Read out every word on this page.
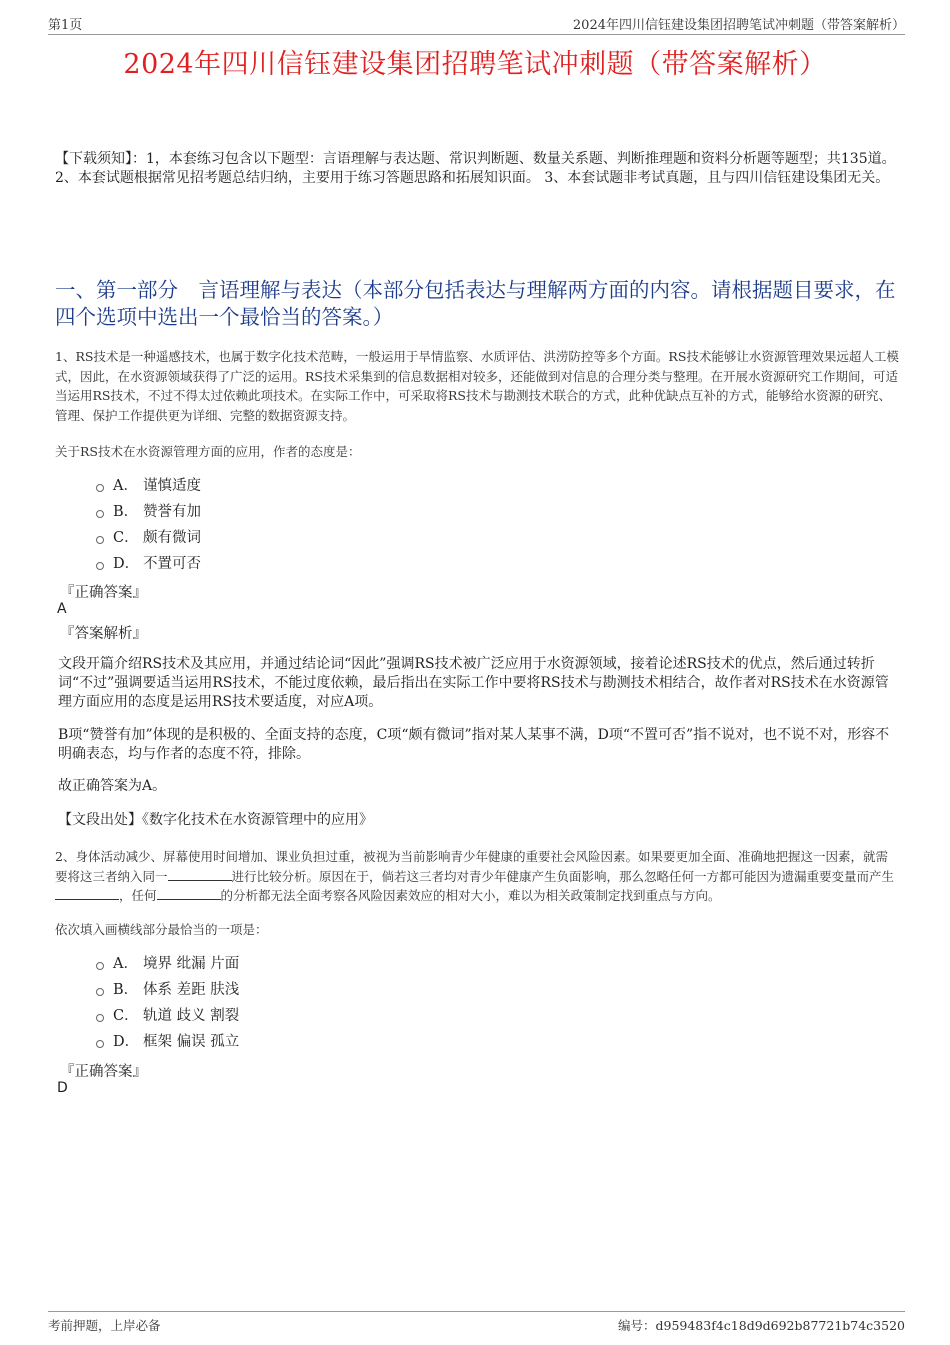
第1页	2024年四川信钰建设集团招聘笔试冲刺题（带答案解析）
2024年四川信钰建设集团招聘笔试冲刺题（带答案解析）
【下载须知】：1，本套练习包含以下题型：言语理解与表达题、常识判断题、数量关系题、判断推理题和资料分析题等题型；共135道。 2、本套试题根据常见招考题总结归纳，主要用于练习答题思路和拓展知识面。 3、本套试题非考试真题，且与四川信钰建设集团无关。
一、第一部分　言语理解与表达（本部分包括表达与理解两方面的内容。请根据题目要求，在四个选项中选出一个最恰当的答案。）
1、RS技术是一种遥感技术，也属于数字化技术范畴，一般运用于旱情监察、水质评估、洪涝防控等多个方面。RS技术能够让水资源管理效果远超人工模式，因此，在水资源领域获得了广泛的运用。RS技术采集到的信息数据相对较多，还能做到对信息的合理分类与整理。在开展水资源研究工作期间，可适当运用RS技术，不过不得太过依赖此项技术。在实际工作中，可采取将RS技术与勘测技术联合的方式，此种优缺点互补的方式，能够给水资源的研究、管理、保护工作提供更为详细、完整的数据资源支持。
关于RS技术在水资源管理方面的应用，作者的态度是：
A． 谨慎适度
B． 赞誉有加
C． 颇有微词
D． 不置可否
『正确答案』
A
『答案解析』
文段开篇介绍RS技术及其应用，并通过结论词“因此”强调RS技术被广泛应用于水资源领域，接着论述RS技术的优点，然后通过转折词“不过”强调要适当运用RS技术，不能过度依赖，最后指出在实际工作中要将RS技术与勘测技术相结合，故作者对RS技术在水资源管理方面应用的态度是运用RS技术要适度，对应A项。
B项“赞誉有加”体现的是积极的、全面支持的态度，C项“颇有微词”指对某人某事不满，D项“不置可否”指不说对，也不说不对，形容不明确表态，均与作者的态度不符，排除。
故正确答案为A。
【文段出处】《数字化技术在水资源管理中的应用》
2、身体活动减少、屏幕使用时间增加、课业负担过重，被视为当前影响青少年健康的重要社会风险因素。如果要更加全面、准确地把握这一因素，就需要将这三者纳入同一	进行比较分析。原因在于，倘若这三者均对青少年健康产生负面影响，那么忽略任何一方都可能因为遗漏重要变量而产生，任何	的分析都无法全面考察各风险因素效应的相对大小，难以为相关政策制定找到重点与方向。
依次填入画横线部分最恰当的一项是：
A． 境界 纰漏 片面
B． 体系 差距 肤浅
C． 轨道 歧义 割裂
D． 框架 偏误 孤立
『正确答案』
D
考前押题，上岸必备	编号：d959483f4c18d9d692b87721b74c3520
